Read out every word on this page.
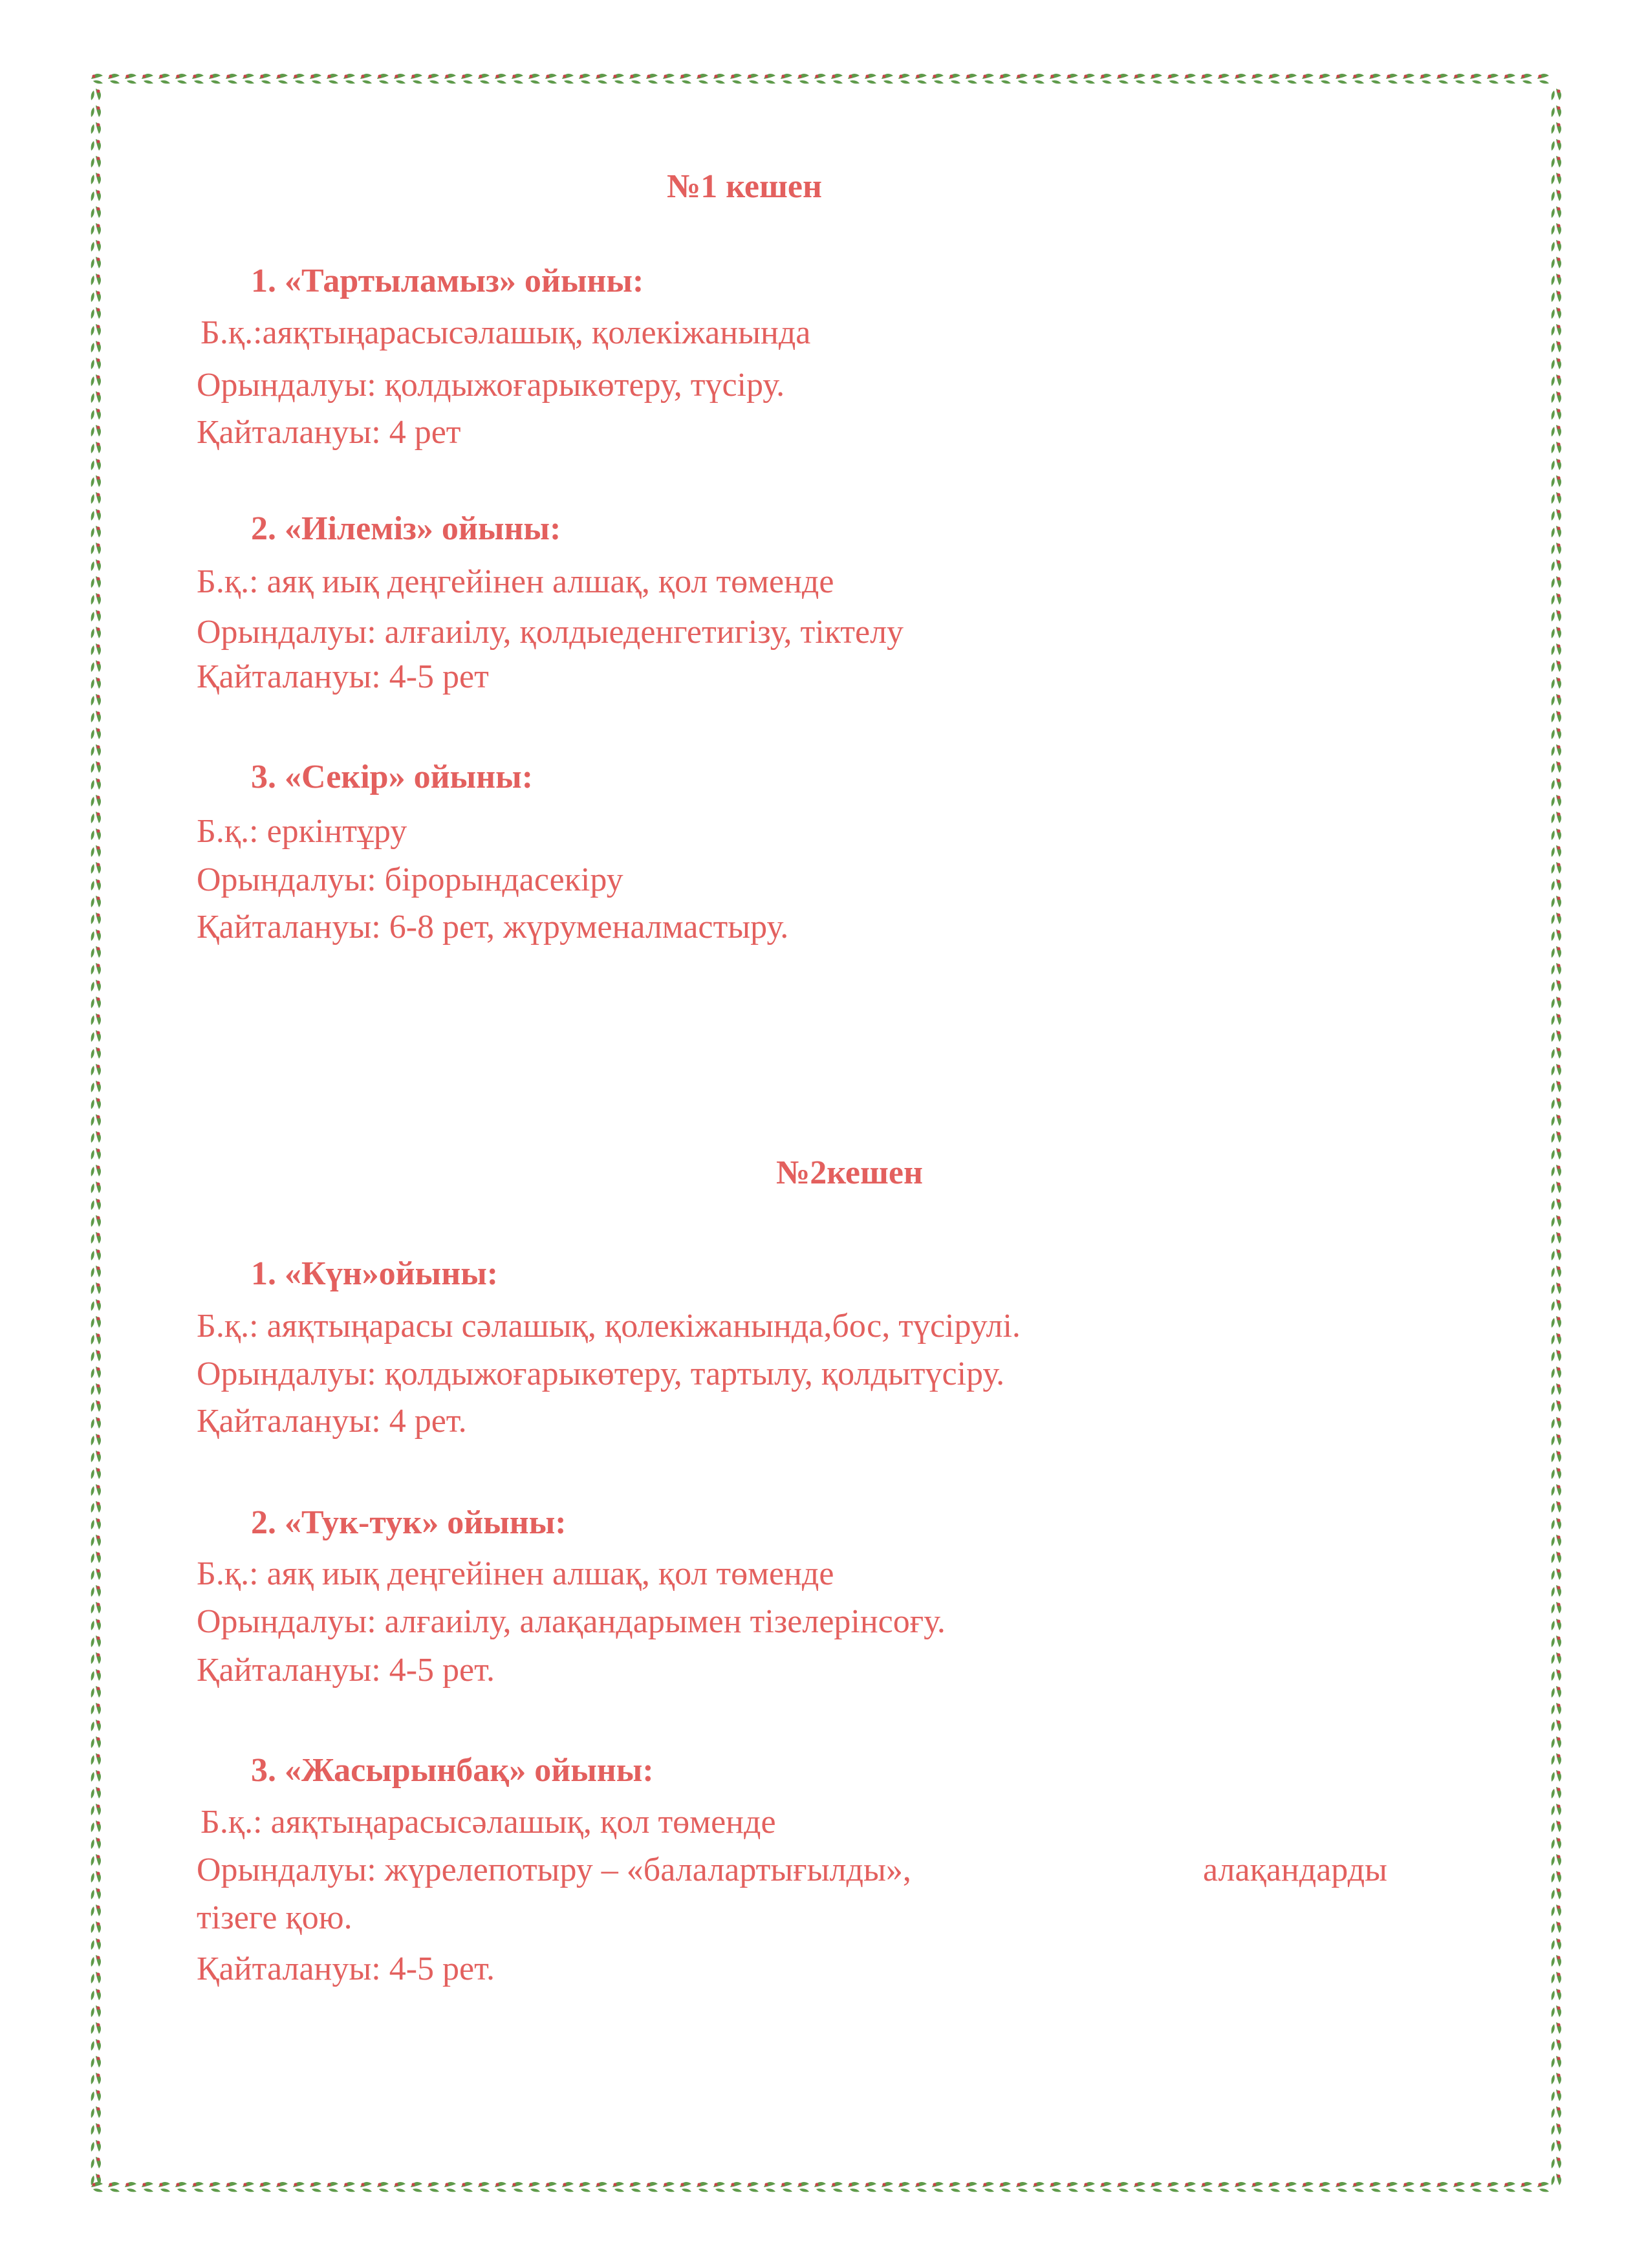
№1 кешен
1. «Тартыламыз» ойыны:
Б.қ.:аяқтыңарасысәлашық, қолекіжанында
Орындалуы: қолдыжоғарыкөтеру, түсіру.
Қайталануы: 4 рет
2. «Иілеміз» ойыны:
Б.қ.: аяқ иық деңгейінен алшақ, қол төменде
Орындалуы: алғаиілу, қолдыеденгетигізу, тіктелу
Қайталануы: 4-5 рет
3. «Секір» ойыны:
Б.қ.: еркінтұру
Орындалуы: бірорындасекіру
Қайталануы: 6-8 рет, жүруменалмастыру.
№2кешен
1. «Күн»ойыны:
Б.қ.: аяқтыңарасы сәлашық, қолекіжанында,бос, түсірулі.
Орындалуы: қолдыжоғарыкөтеру, тартылу, қолдытүсіру.
Қайталануы: 4 рет.
2. «Тук-тук» ойыны:
Б.қ.: аяқ иық деңгейінен алшақ, қол төменде
Орындалуы: алғаиілу, алақандарымен тізелерінсоғу.
Қайталануы: 4-5 рет.
3. «Жасырынбақ» ойыны:
Б.қ.: аяқтыңарасысәлашық, қол төменде
Орындалуы: жүрелепотыру – «балалартығылды»,	алақандарды
тізеге қою.
Қайталануы: 4-5 рет.
